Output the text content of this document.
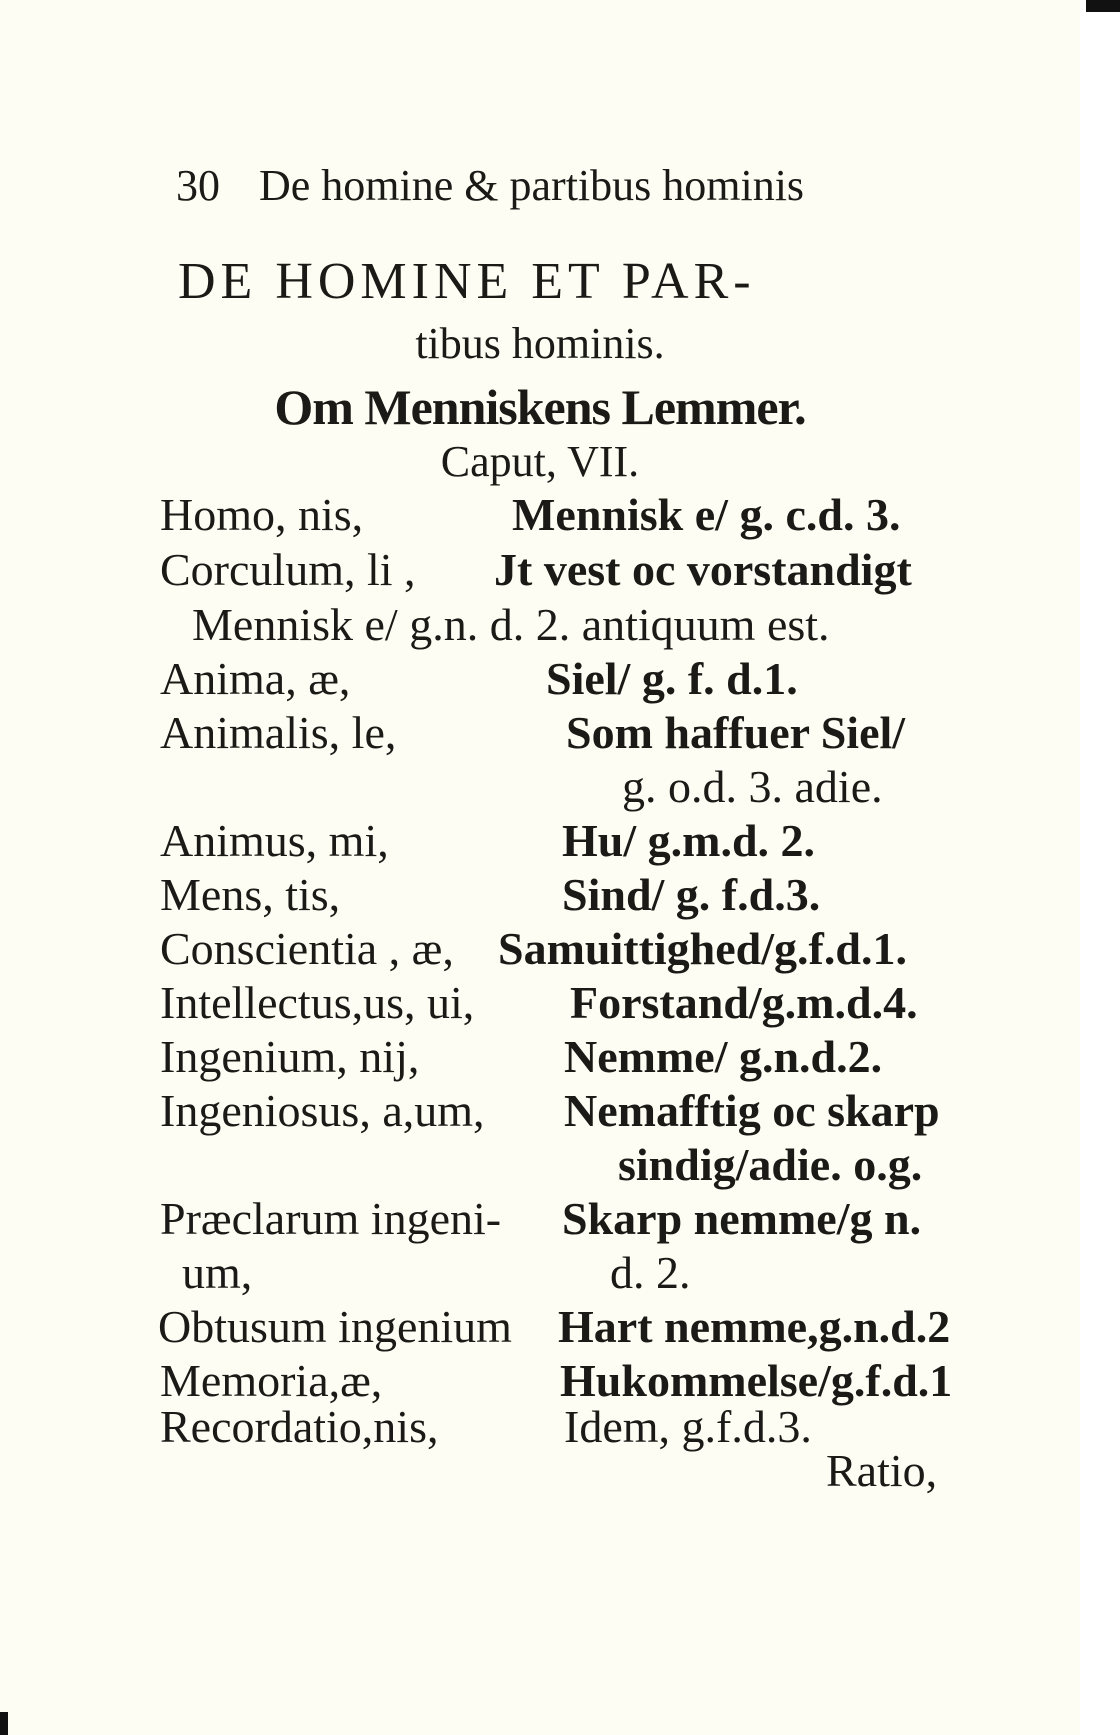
30 De homine & partibus hominis
DE HOMINE ET PAR-
tibus hominis.
Om Menniskens Lemmer.
Caput, VII.
Homo, nis,	Mennisk e/ g. c.d. 3.
Corculum, li , Jt vest oc vorstandigt
Mennisk e/ g.n. d. 2. antiquum est.
Anima, æ,	Siel/ g. f. d.1.
Animalis, le,	Som haffuer Siel/
g. o.d. 3. adie.
Animus, mi,	Hu/ g.m.d. 2.
Mens, tis,	Sind/ g. f.d.3.
Conscientia , æ, Samuittighed/g.f.d.1.
Intellectus,us, ui, Forstand/g.m.d.4.
Ingenium, nij,	Nemme/ g.n.d.2.
Ingeniosus, a,um, Nemafftig oc skarp
sindig/adie. o.g.
Præclarum ingeni- Skarp nemme/g n.
um,	d. 2.
Obtusum ingenium Hart nemme,g.n.d.2
Memoria,æ,	Hukommelse/g.f.d.1
Recordatio,nis,	Idem, g.f.d.3.
Ratio,
